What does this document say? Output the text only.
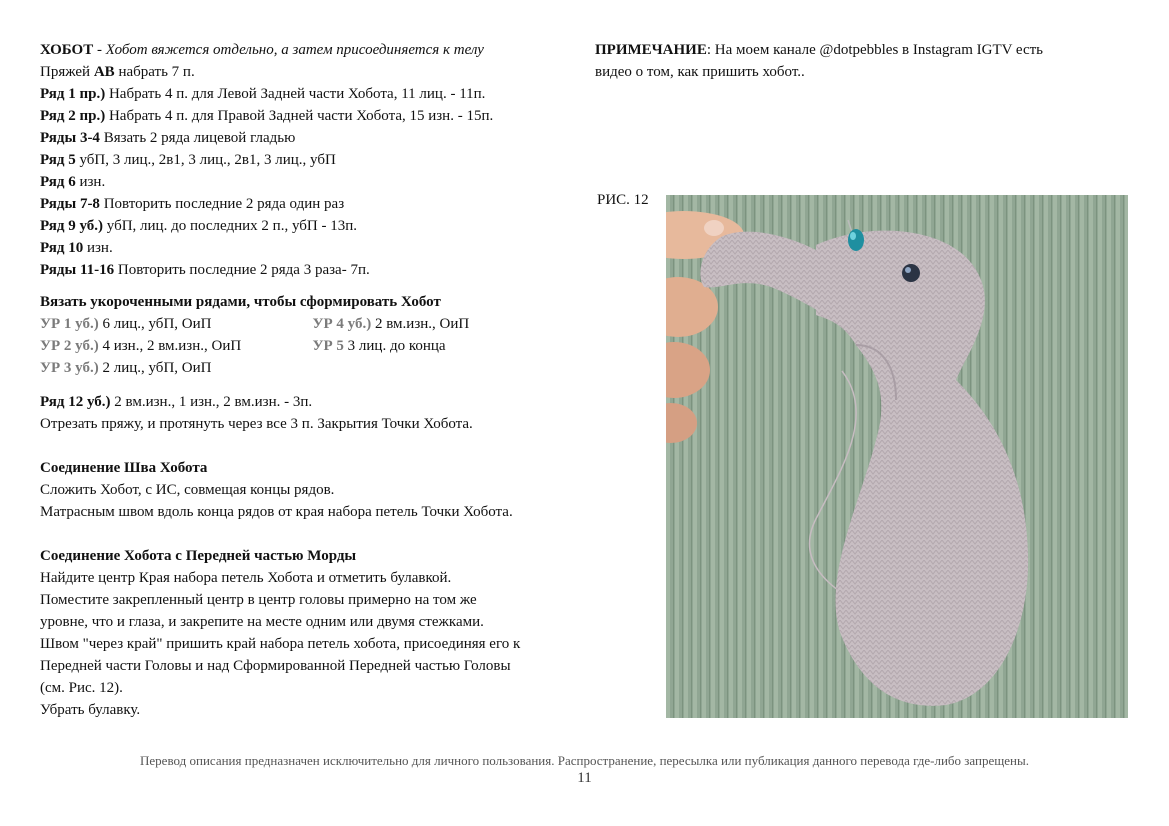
ХОБОТ - Хобот вяжется отдельно, а затем присоединяется к телу
Пряжей AB набрать 7 п.
Ряд 1 пр.) Набрать 4 п. для Левой Задней части Хобота, 11 лиц. - 11п.
Ряд 2 пр.) Набрать 4 п. для Правой Задней части Хобота, 15 изн. - 15п.
Ряды 3-4 Вязать 2 ряда лицевой гладью
Ряд 5 убП, 3 лиц., 2в1, 3 лиц., 2в1, 3 лиц., убП
Ряд 6 изн.
Ряды 7-8 Повторить последние 2 ряда один раз
Ряд 9 уб.) убП, лиц. до последних 2 п., убП - 13п.
Ряд 10 изн.
Ряды 11-16 Повторить последние 2 ряда 3 раза- 7п.
Вязать укороченными рядами, чтобы сформировать Хобот
УР 1 уб.) 6 лиц., убП, ОиП	УР 4 уб.) 2 вм.изн., ОиП
УР 2 уб.) 4 изн., 2 вм.изн., ОиП	УР 5 3 лиц. до конца
УР 3 уб.) 2 лиц., убП, ОиП
Ряд 12 уб.) 2 вм.изн., 1 изн., 2 вм.изн. - 3п.
Отрезать пряжу, и протянуть через все 3 п. Закрытия Точки Хобота.
Соединение Шва Хобота
Сложить Хобот, с ИС, совмещая концы рядов.
Матрасным швом вдоль конца рядов от края набора петель Точки Хобота.
Соединение Хобота с Передней частью Морды
Найдите центр Края набора петель Хобота и отметить булавкой.
Поместите закрепленный центр в центр головы примерно на том же
уровне, что и глаза, и закрепите на месте одним или двумя стежками.
Швом "через край" пришить край набора петель хобота, присоединяя его к
Передней части Головы и над Сформированной Передней частью Головы
(см. Рис. 12).
Убрать булавку.
ПРИМЕЧАНИЕ: На моем канале @dotpebbles в Instagram IGTV есть
видео о том, как пришить хобот..
РИС. 12
Перевод описания предназначен исключительно для личного пользования. Распространение, пересылка или публикация данного перевода где-либо запрещены.
11
